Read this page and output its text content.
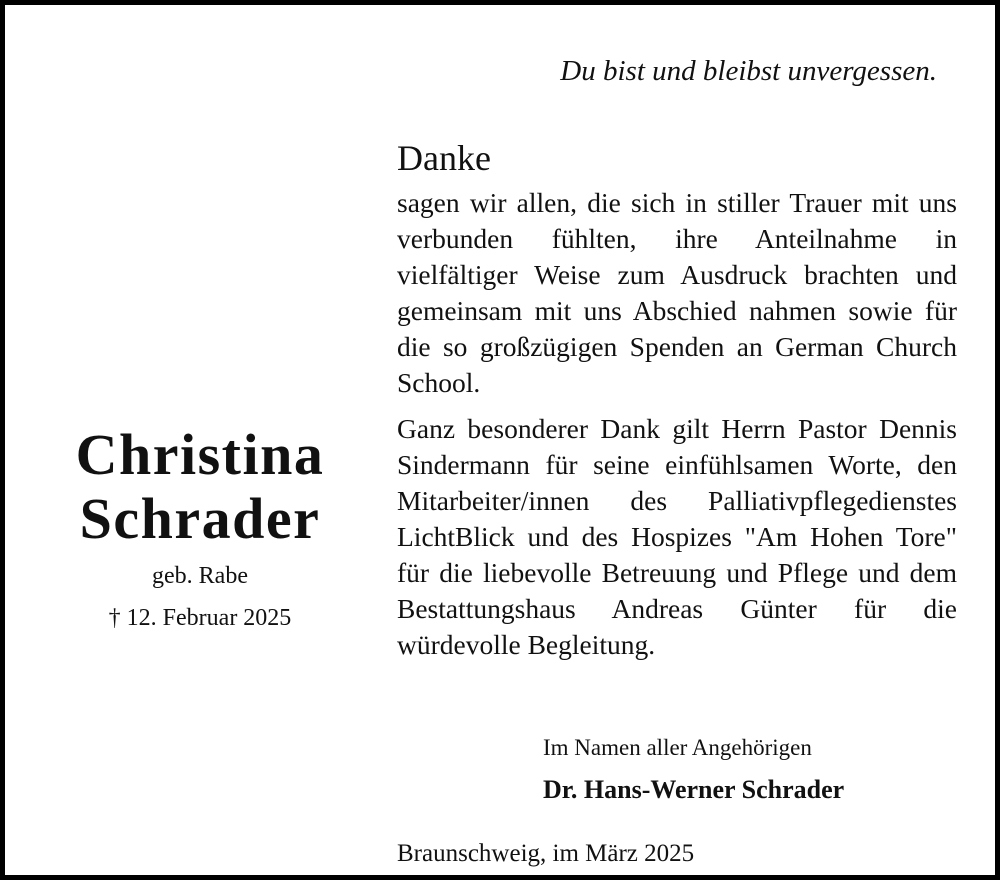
Du bist und bleibst unvergessen.
Christina
Schrader
geb. Rabe
† 12. Februar 2025
Danke
sagen wir allen, die sich in stiller Trauer mit uns verbunden fühlten, ihre Anteilnahme in vielfältiger Weise zum Ausdruck brachten und gemeinsam mit uns Abschied nahmen sowie für die so großzügigen Spenden an German Church School.
Ganz besonderer Dank gilt Herrn Pastor Dennis Sindermann für seine einfühlsamen Worte, den Mitarbeiter/innen des Palliativpflegedienstes LichtBlick und des Hospizes "Am Hohen Tore" für die liebevolle Betreuung und Pflege und dem Bestattungshaus Andreas Günter für die würdevolle Begleitung.
Im Namen aller Angehörigen
Dr. Hans-Werner Schrader
Braunschweig, im März 2025
